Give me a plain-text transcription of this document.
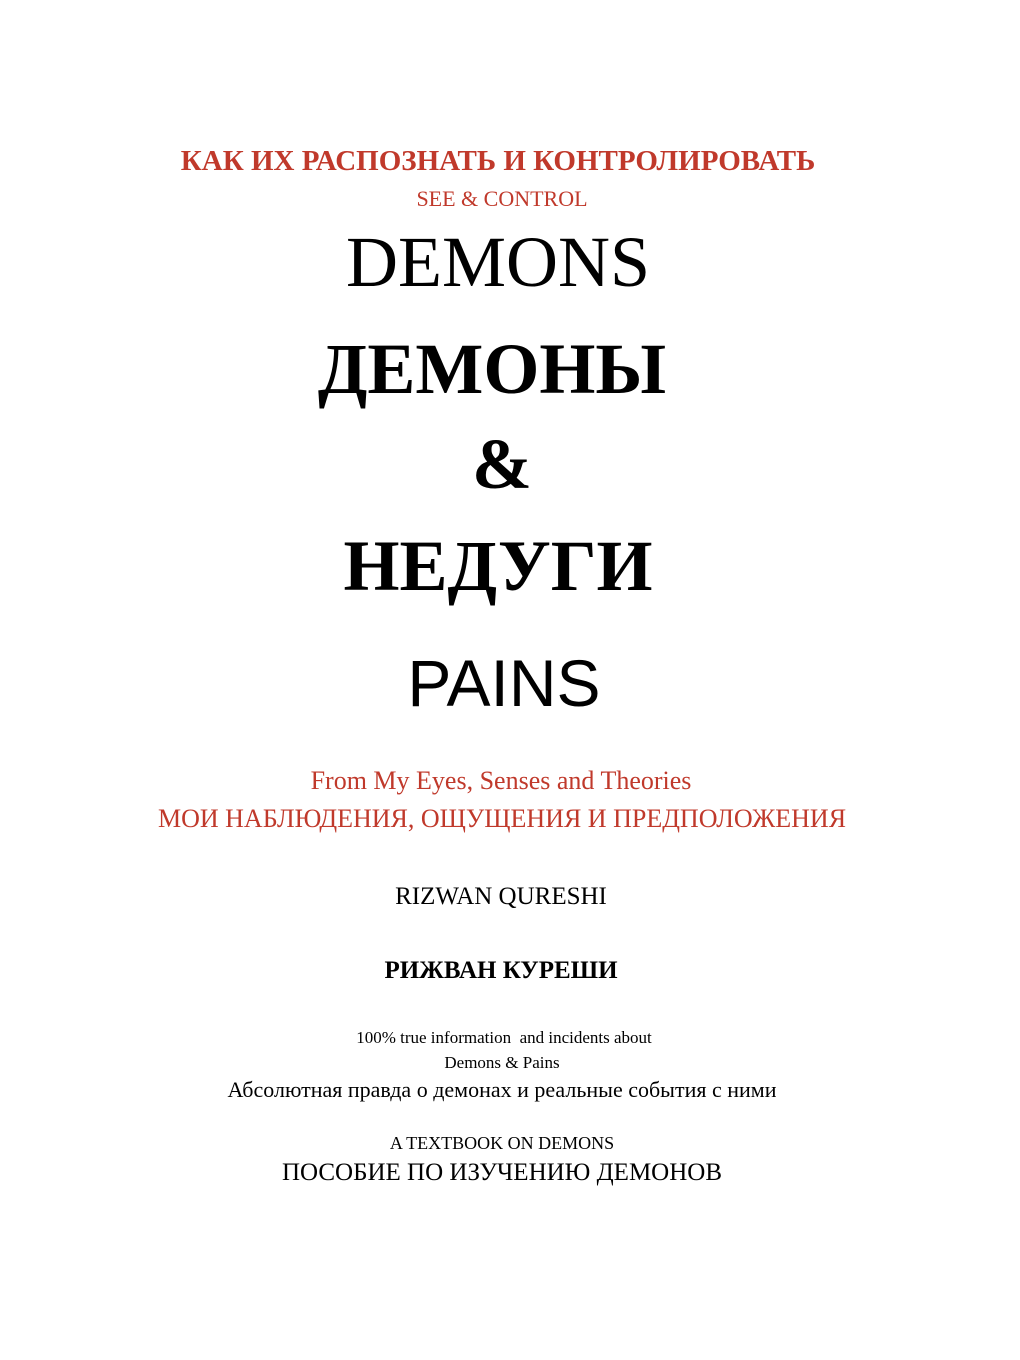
КАК ИХ РАСПОЗНАТЬ И КОНТРОЛИРОВАТЬ
SEE & CONTROL
DEMONS
ДЕМОНЫ
&
НЕДУГИ
PAINS
From My Eyes, Senses and Theories
МОИ НАБЛЮДЕНИЯ, ОЩУЩЕНИЯ И ПРЕДПОЛОЖЕНИЯ
RIZWAN QURESHI
РИЖВАН КУРЕШИ
100% true information  and incidents about
Demons & Pains
Абсолютная правда о демонах и реальные события с ними
A TEXTBOOK ON DEMONS
ПОСОБИЕ ПО ИЗУЧЕНИЮ ДЕМОНОВ
